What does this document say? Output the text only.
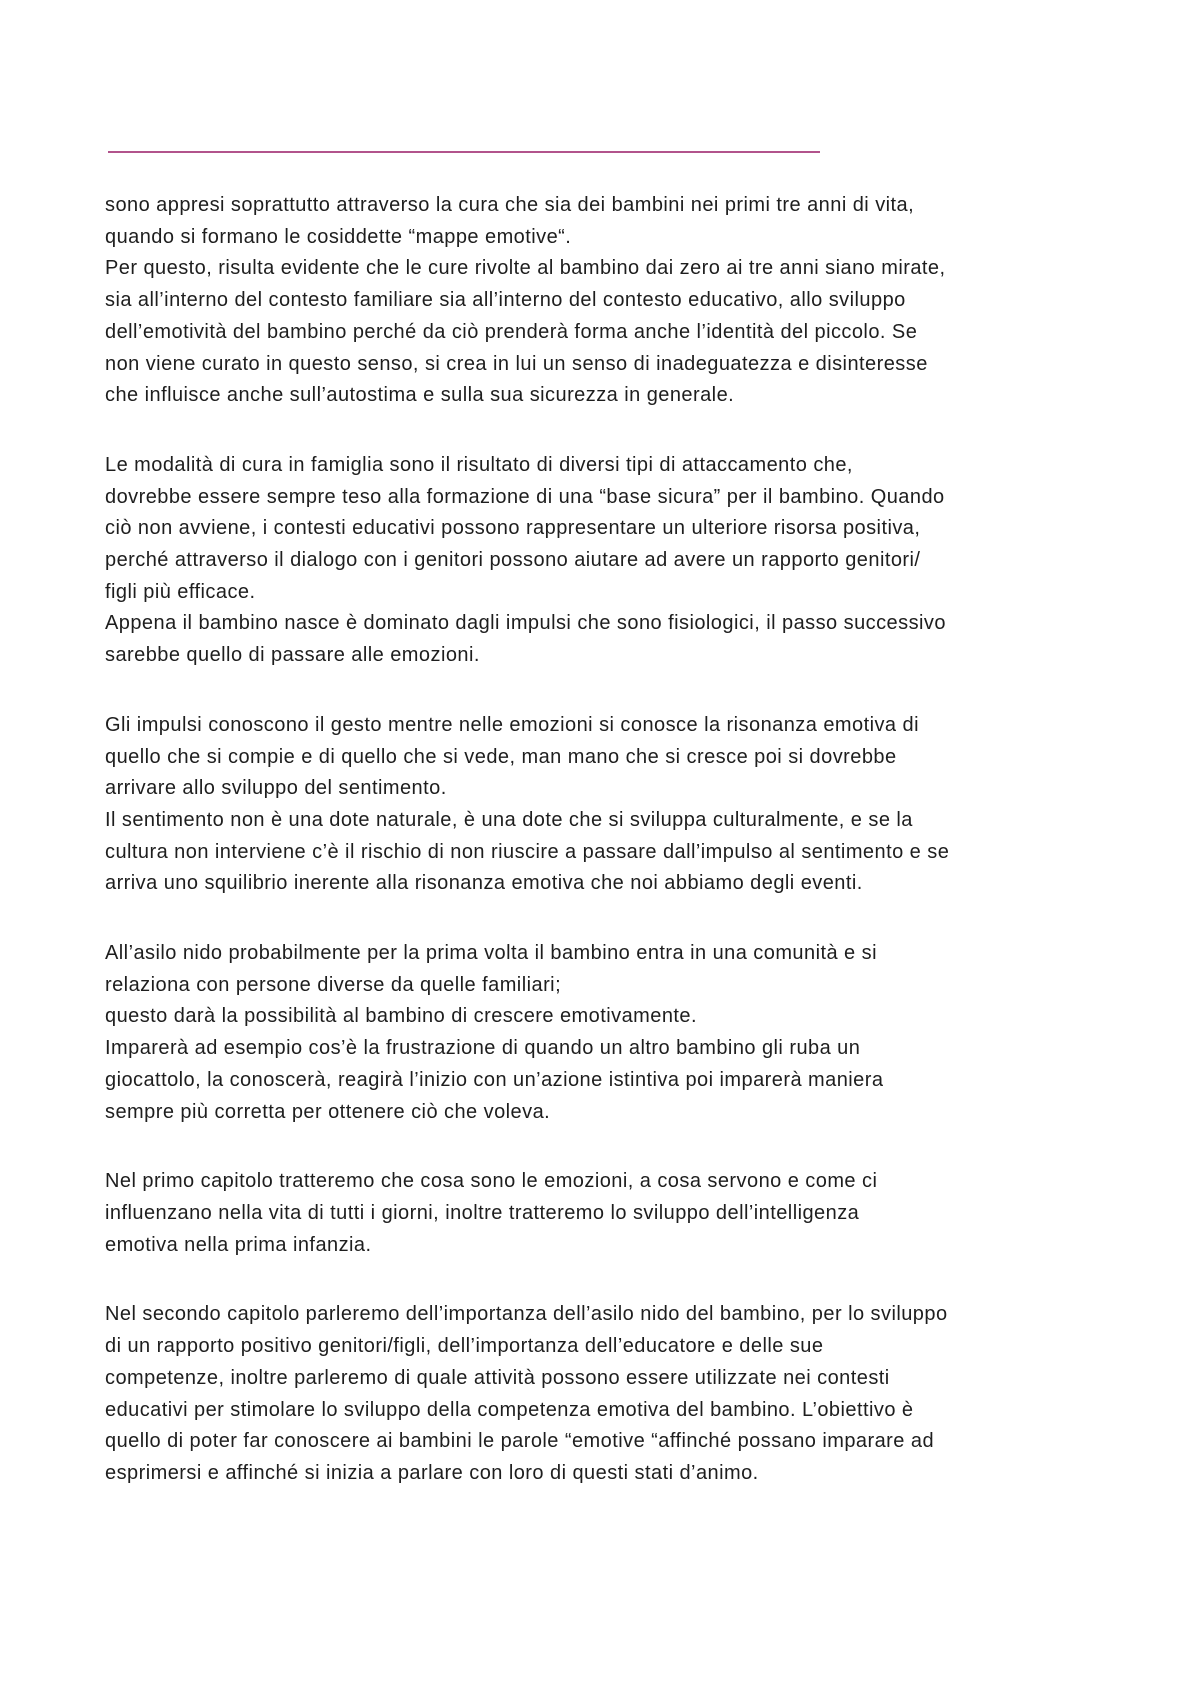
sono appresi soprattutto attraverso la cura che sia dei bambini nei primi tre anni di vita,
quando si formano le cosiddette “mappe emotive“.
Per questo, risulta evidente che le cure rivolte al bambino dai zero ai tre anni siano mirate,
sia all’interno del contesto familiare sia all’interno del contesto educativo, allo sviluppo
dell’emotività del bambino perché da ciò prenderà forma anche l’identità del piccolo. Se
non viene curato in questo senso, si crea in lui un senso di inadeguatezza e disinteresse
che influisce anche sull’autostima e sulla sua sicurezza in generale.
Le modalità di cura in famiglia sono il risultato di diversi tipi di attaccamento che,
dovrebbe essere sempre teso alla formazione di una “base sicura” per il bambino. Quando
ciò non avviene, i contesti educativi possono rappresentare un ulteriore risorsa positiva,
perché attraverso il dialogo con i genitori possono aiutare ad avere un rapporto genitori/
figli più efficace.
Appena il bambino nasce è dominato dagli impulsi che sono fisiologici, il passo successivo
sarebbe quello di passare alle emozioni.
Gli impulsi conoscono il gesto mentre nelle emozioni si conosce la risonanza emotiva di
quello che si compie e di quello che si vede, man mano che si cresce poi si dovrebbe
arrivare allo sviluppo del sentimento.
Il sentimento non è una dote naturale, è una dote che si sviluppa culturalmente, e se la
cultura non interviene c’è il rischio di non riuscire a passare dall’impulso al sentimento e se
arriva uno squilibrio inerente alla risonanza emotiva che noi abbiamo degli eventi.
All’asilo nido probabilmente per la prima volta il bambino entra in una comunità e si
relaziona con persone diverse da quelle familiari;
questo darà la possibilità al bambino di crescere emotivamente.
Imparerà ad esempio cos’è la frustrazione di quando un altro bambino gli ruba un
giocattolo, la conoscerà, reagirà l’inizio con un’azione istintiva poi imparerà maniera
sempre più corretta per ottenere ciò che voleva.
Nel primo capitolo tratteremo che cosa sono le emozioni, a cosa servono e come ci
influenzano nella vita di tutti i giorni, inoltre tratteremo lo sviluppo dell’intelligenza
emotiva nella prima infanzia.
Nel secondo capitolo parleremo dell’importanza dell’asilo nido del bambino, per lo sviluppo
di un rapporto positivo genitori/figli, dell’importanza dell’educatore e delle sue
competenze, inoltre parleremo di quale attività possono essere utilizzate nei contesti
educativi per stimolare lo sviluppo della competenza emotiva del bambino. L’obiettivo è
quello di poter far conoscere ai bambini le parole “emotive “affinché possano imparare ad
esprimersi e affinché si inizia a parlare con loro di questi stati d’animo.
